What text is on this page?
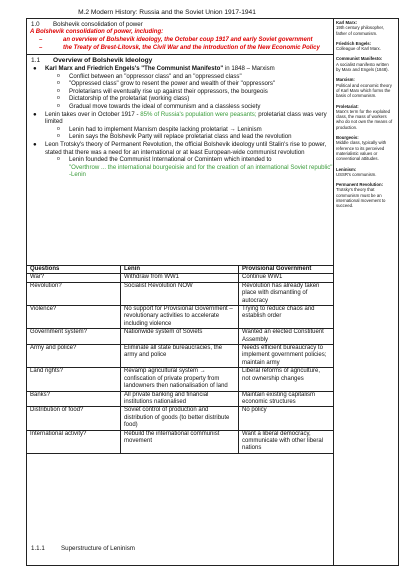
M.2 Modern History: Russia and the Soviet Union 1917-1941
1.0 Bolshevik consolidation of power
A Bolshevik consolidation of power, including:
–	an overview of Bolshevik ideology, the October coup 1917 and early Soviet government
–	the Treaty of Brest-Litovsk, the Civil War and the introduction of the New Economic Policy
1.1 Overview of Bolshevik Ideology
● Karl Marx and Friedrich Engels's "The Communist Manifesto" in 1848 – Marxism
o Conflict between an "oppressor class" and an "oppressed class"
o "Oppressed class" grow to resent the power and wealth of their "oppressors"
o Proletarians will eventually rise up against their oppressors, the bourgeois
o Dictatorship of the proletariat (working class)
o Gradual move towards the ideal of communism and a classless society
● Lenin takes over in October 1917 - 85% of Russia's population were peasants; proletariat class was very limited
o Lenin had to implement Marxism despite lacking proletariat → Leninism
o Lenin says the Bolshevik Party will replace proletariat class and lead the revolution
● Leon Trotsky's theory of Permanent Revolution, the official Bolshevik ideology until Stalin's rise to power, stated that there was a need for an international or at least European-wide communist revolution
o Lenin founded the Communist International or Comintern which intended to
"Overthrow ... the international bourgeoisie and for the creation of an international Soviet republic" -Lenin
Questions	Lenin	Provisional Government
War?	Withdraw from WW1	Continue WW1
Revolution?	Socialist Revolution NOW	Revolution has already taken place with dismantling of autocracy
Violence?	No support for Provisional Government – revolutionary activities to accelerate including violence	Trying to reduce chaos and establish order
Government system?	Nationwide system of Soviets	Wanted an elected Constituent Assembly
Army and police?	Eliminate all state bureaucracies, the army and police	Needs efficient bureaucracy to implement government policies; maintain army
Land rights?	Revamp agricultural system → confiscation of private property from landowners then nationalisation of land	Liberal reforms of agriculture, not ownership changes
Banks?	All private banking and financial institutions nationalised	Maintain existing capitalism economic structures
Distribution of food?	Soviet control of production and distribution of goods (to better distribute food)	No policy
International activity?	Rebuild the international communist movement	Want a liberal democracy, communicate with other liberal nations
1.1.1	Superstructure of Leninism
Karl Marx:
19th century philosopher, father of communism.
Friedrich Engels:
Colleague of Karl Marx.
Communist Manifesto:
A socialist manifesto written by Marx and Engels (1848).
Marxism:
Political and economic theory of Karl Marx which forms the basis of communism.
Proletariat:
Marx's term for the exploited class, the mass of workers who do not own the means of production.
Bourgeois:
Middle class, typically with reference to its perceived materialistic values or conventional attitudes.
Leninism:
USSR's communism.
Permanent Revolution:
Trotsky's theory that communism must be an international movement to succeed.
